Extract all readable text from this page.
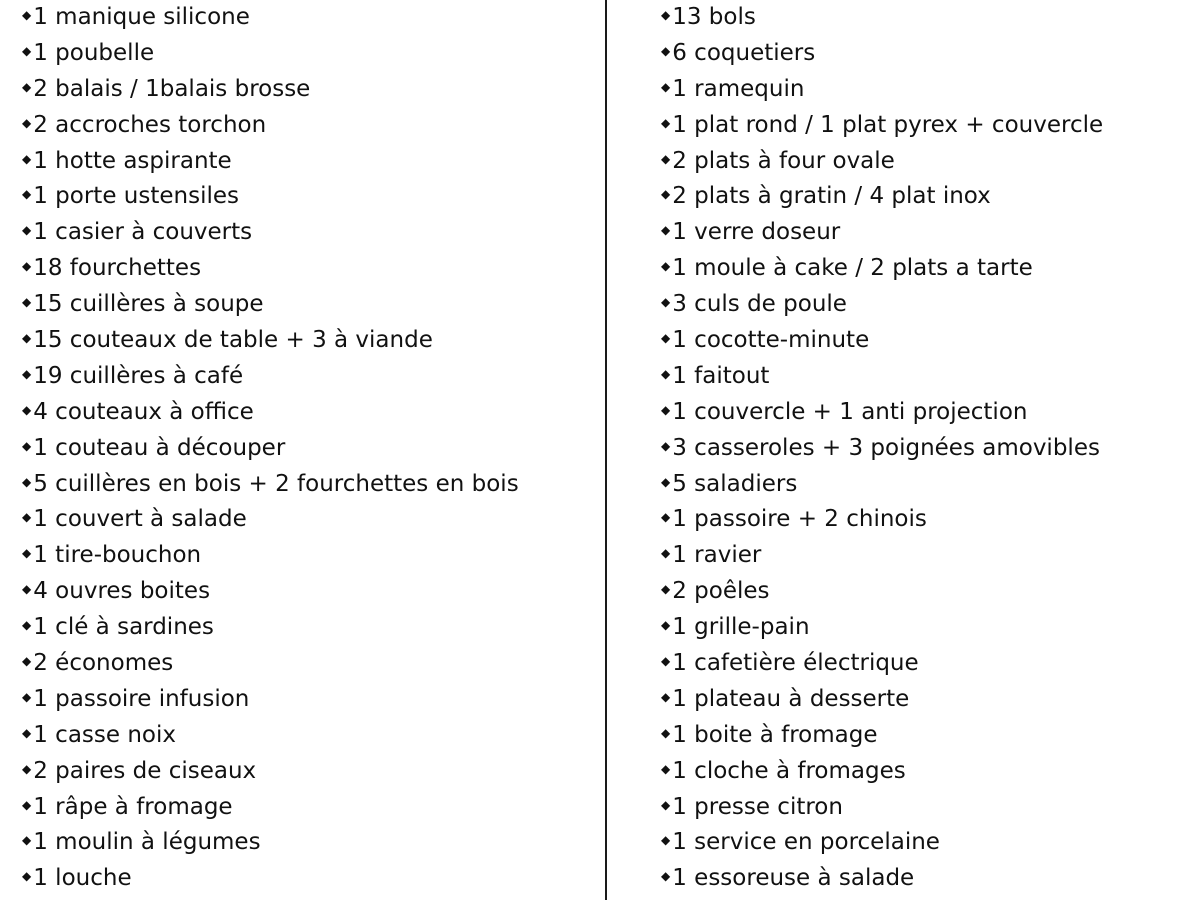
◆ 1 manique silicone
◆ 1 poubelle
◆ 2 balais / 1balais brosse
◆ 2 accroches torchon
◆ 1 hotte aspirante
◆ 1 porte ustensiles
◆ 1 casier à couverts
◆ 18 fourchettes
◆ 15 cuillères à soupe
◆ 15 couteaux de table + 3 à viande
◆ 19 cuillères à café
◆ 4 couteaux à office
◆ 1 couteau à découper
◆ 5 cuillères en bois + 2 fourchettes en bois
◆ 1 couvert à salade
◆ 1 tire-bouchon
◆ 4 ouvres boites
◆ 1 clé à sardines
◆ 2 économes
◆ 1 passoire infusion
◆ 1 casse noix
◆ 2 paires de ciseaux
◆ 1 râpe à fromage
◆ 1 moulin à légumes
◆ 1 louche
◆ 13 bols
◆ 6 coquetiers
◆ 1 ramequin
◆ 1 plat rond / 1 plat pyrex + couvercle
◆ 2 plats à four ovale
◆ 2 plats à gratin / 4 plat inox
◆ 1 verre doseur
◆ 1 moule à cake / 2 plats a tarte
◆ 3 culs de poule
◆ 1 cocotte-minute
◆ 1 faitout
◆ 1 couvercle + 1 anti projection
◆ 3 casseroles + 3 poignées amovibles
◆ 5 saladiers
◆ 1 passoire + 2 chinois
◆ 1 ravier
◆ 2 poêles
◆ 1 grille-pain
◆ 1 cafetière électrique
◆ 1 plateau à desserte
◆ 1 boite à fromage
◆ 1 cloche à fromages
◆ 1 presse citron
◆ 1 service en porcelaine
◆ 1 essoreuse à salade
